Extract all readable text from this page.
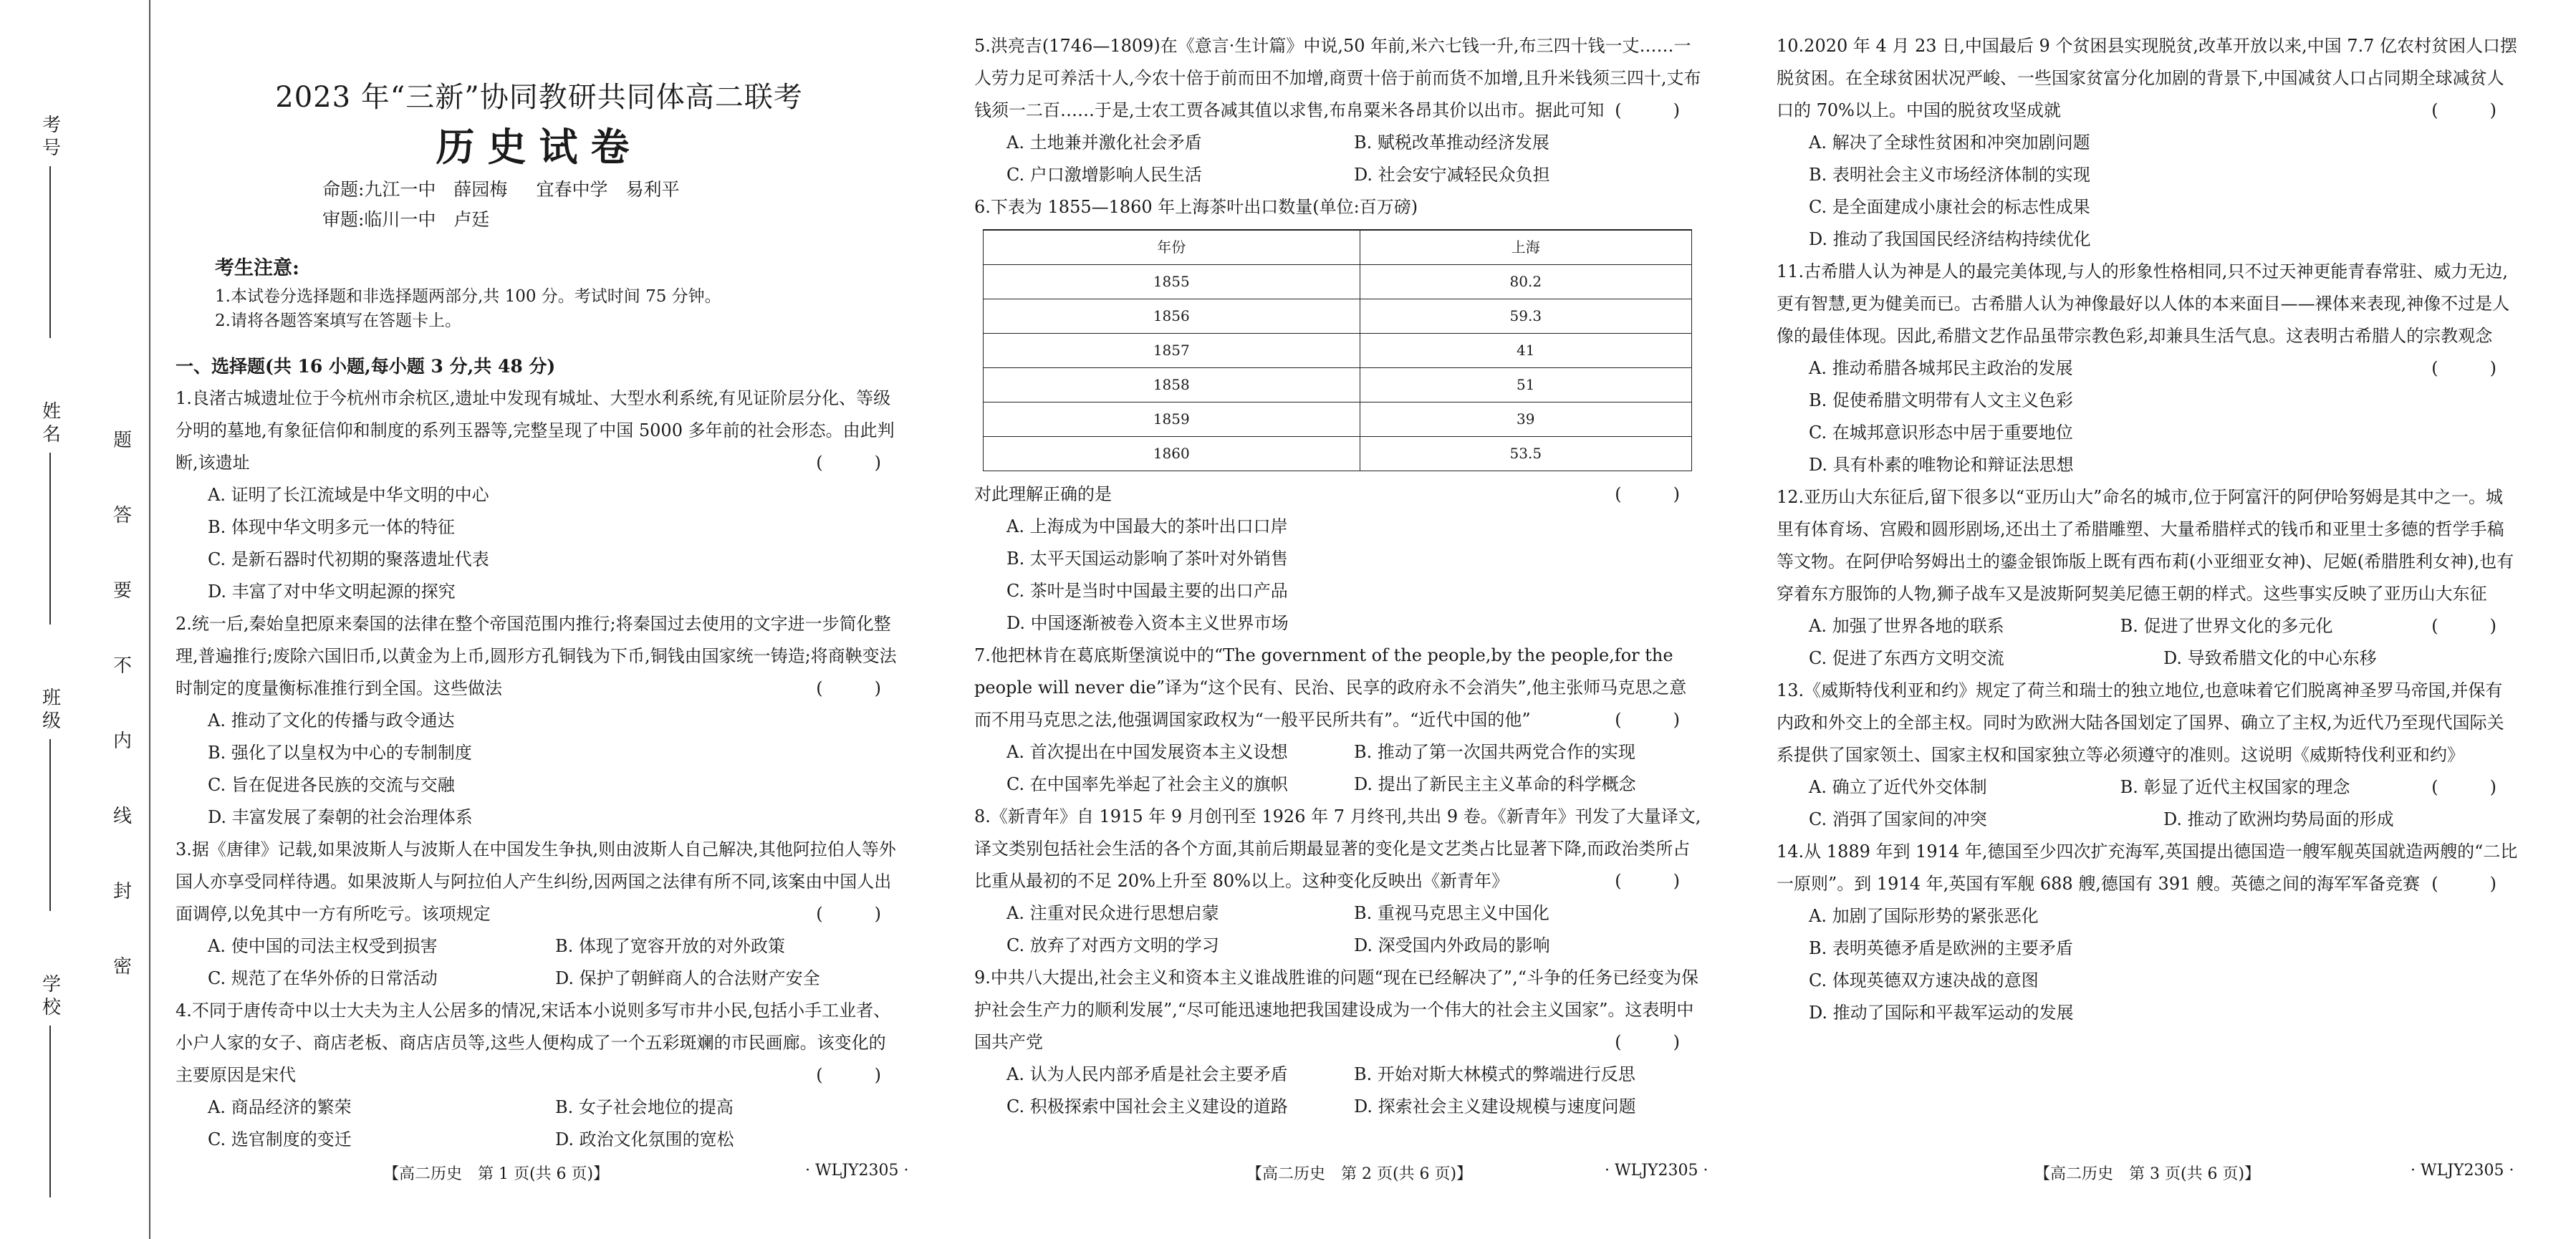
考号
姓名
班级
学校
题
答
要
不
内
线
封
密
2023 年“三新”协同教研共同体高二联考
历史试卷
命题:九江一中　薛园梅 宜春中学　易利平
审题:临川一中　卢廷
考生注意:
1.本试卷分选择题和非选择题两部分,共 100 分。考试时间 75 分钟。
2.请将各题答案填写在答题卡上。
一、选择题(共 16 小题,每小题 3 分,共 48 分)
1.良渚古城遗址位于今杭州市余杭区,遗址中发现有城址、大型水利系统,有见证阶层分化、等级分明的墓地,有象征信仰和制度的系列玉器等,完整呈现了中国 5000 多年前的社会形态。由此判断,该遗址	(　)
A. 证明了长江流域是中华文明的中心
B. 体现中华文明多元一体的特征
C. 是新石器时代初期的聚落遗址代表
D. 丰富了对中华文明起源的探究
2.统一后,秦始皇把原来秦国的法律在整个帝国范围内推行;将秦国过去使用的文字进一步简化整理,普遍推行;废除六国旧币,以黄金为上币,圆形方孔铜钱为下币,铜钱由国家统一铸造;将商鞅变法时制定的度量衡标准推行到全国。这些做法	(　)
A. 推动了文化的传播与政令通达
B. 强化了以皇权为中心的专制制度
C. 旨在促进各民族的交流与交融
D. 丰富发展了秦朝的社会治理体系
3.据《唐律》记载,如果波斯人与波斯人在中国发生争执,则由波斯人自己解决,其他阿拉伯人等外国人亦享受同样待遇。如果波斯人与阿拉伯人产生纠纷,因两国之法律有所不同,该案由中国人出面调停,以免其中一方有所吃亏。该项规定	(　)
A. 使中国的司法主权受到损害	B. 体现了宽容开放的对外政策
C. 规范了在华外侨的日常活动	D. 保护了朝鲜商人的合法财产安全
4.不同于唐传奇中以士大夫为主人公居多的情况,宋话本小说则多写市井小民,包括小手工业者、小户人家的女子、商店老板、商店店员等,这些人便构成了一个五彩斑斓的市民画廊。该变化的主要原因是宋代	(　)
A. 商品经济的繁荣	B. 女子社会地位的提高
C. 选官制度的变迁	D. 政治文化氛围的宽松
5.洪亮吉(1746—1809)在《意言·生计篇》中说,50 年前,米六七钱一升,布三四十钱一丈……一人劳力足可养活十人,今农十倍于前而田不加增,商贾十倍于前而货不加增,且升米钱须三四十,丈布钱须一二百……于是,士农工贾各减其值以求售,布帛粟米各昂其价以出市。据此可知 (　)
A. 土地兼并激化社会矛盾	B. 赋税改革推动经济发展
C. 户口激增影响人民生活	D. 社会安宁减轻民众负担
6.下表为 1855—1860 年上海茶叶出口数量(单位:百万磅)
年份	上海
1855	80.2
1856	59.3
1857	41
1858	51
1859	39
1860	53.5
对此理解正确的是	(　)
A. 上海成为中国最大的茶叶出口口岸
B. 太平天国运动影响了茶叶对外销售
C. 茶叶是当时中国最主要的出口产品
D. 中国逐渐被卷入资本主义世界市场
7.他把林肯在葛底斯堡演说中的“The government of the people,by the people,for the people will never die”译为“这个民有、民治、民享的政府永不会消失”,他主张师马克思之意而不用马克思之法,他强调国家政权为“一般平民所共有”。“近代中国的他”	(　)
A. 首次提出在中国发展资本主义设想	B. 推动了第一次国共两党合作的实现
C. 在中国率先举起了社会主义的旗帜	D. 提出了新民主主义革命的科学概念
8.《新青年》自 1915 年 9 月创刊至 1926 年 7 月终刊,共出 9 卷。《新青年》刊发了大量译文,译文类别包括社会生活的各个方面,其前后期最显著的变化是文艺类占比显著下降,而政治类所占比重从最初的不足 20%上升至 80%以上。这种变化反映出《新青年》	(　)
A. 注重对民众进行思想启蒙	B. 重视马克思主义中国化
C. 放弃了对西方文明的学习	D. 深受国内外政局的影响
9.中共八大提出,社会主义和资本主义谁战胜谁的问题“现在已经解决了”,“斗争的任务已经变为保护社会生产力的顺利发展”,“尽可能迅速地把我国建设成为一个伟大的社会主义国家”。这表明中国共产党	(　)
A. 认为人民内部矛盾是社会主要矛盾	B. 开始对斯大林模式的弊端进行反思
C. 积极探索中国社会主义建设的道路	D. 探索社会主义建设规模与速度问题
10.2020 年 4 月 23 日,中国最后 9 个贫困县实现脱贫,改革开放以来,中国 7.7 亿农村贫困人口摆脱贫困。在全球贫困状况严峻、一些国家贫富分化加剧的背景下,中国减贫人口占同期全球减贫人口的 70%以上。中国的脱贫攻坚成就	(　)
A. 解决了全球性贫困和冲突加剧问题
B. 表明社会主义市场经济体制的实现
C. 是全面建成小康社会的标志性成果
D. 推动了我国国民经济结构持续优化
11.古希腊人认为神是人的最完美体现,与人的形象性格相同,只不过天神更能青春常驻、威力无边,更有智慧,更为健美而已。古希腊人认为神像最好以人体的本来面目——裸体来表现,神像不过是人像的最佳体现。因此,希腊文艺作品虽带宗教色彩,却兼具生活气息。这表明古希腊人的宗教观念
(　)
A. 推动希腊各城邦民主政治的发展
B. 促使希腊文明带有人文主义色彩
C. 在城邦意识形态中居于重要地位
D. 具有朴素的唯物论和辩证法思想
12.亚历山大东征后,留下很多以“亚历山大”命名的城市,位于阿富汗的阿伊哈努姆是其中之一。城里有体育场、宫殿和圆形剧场,还出土了希腊雕塑、大量希腊样式的钱币和亚里士多德的哲学手稿等文物。在阿伊哈努姆出土的鎏金银饰版上既有西布莉(小亚细亚女神)、尼姬(希腊胜利女神),也有穿着东方服饰的人物,狮子战车又是波斯阿契美尼德王朝的样式。这些事实反映了亚历山大东征
(　)
A. 加强了世界各地的联系	B. 促进了世界文化的多元化
C. 促进了东西方文明交流	D. 导致希腊文化的中心东移
13.《威斯特伐利亚和约》规定了荷兰和瑞士的独立地位,也意味着它们脱离神圣罗马帝国,并保有内政和外交上的全部主权。同时为欧洲大陆各国划定了国界、确立了主权,为近代乃至现代国际关系提供了国家领土、国家主权和国家独立等必须遵守的准则。这说明《威斯特伐利亚和约》
(　)
A. 确立了近代外交体制	B. 彰显了近代主权国家的理念
C. 消弭了国家间的冲突	D. 推动了欧洲均势局面的形成
14.从 1889 年到 1914 年,德国至少四次扩充海军,英国提出德国造一艘军舰英国就造两艘的“二比一原则”。到 1914 年,英国有军舰 688 艘,德国有 391 艘。英德之间的海军军备竞赛 (　)
A. 加剧了国际形势的紧张恶化
B. 表明英德矛盾是欧洲的主要矛盾
C. 体现英德双方速决战的意图
D. 推动了国际和平裁军运动的发展
【高二历史　第 1 页(共 6 页)】	· WLJY2305 ·	【高二历史　第 2 页(共 6 页)】	· WLJY2305 ·	【高二历史　第 3 页(共 6 页)】	· WLJY2305 ·
